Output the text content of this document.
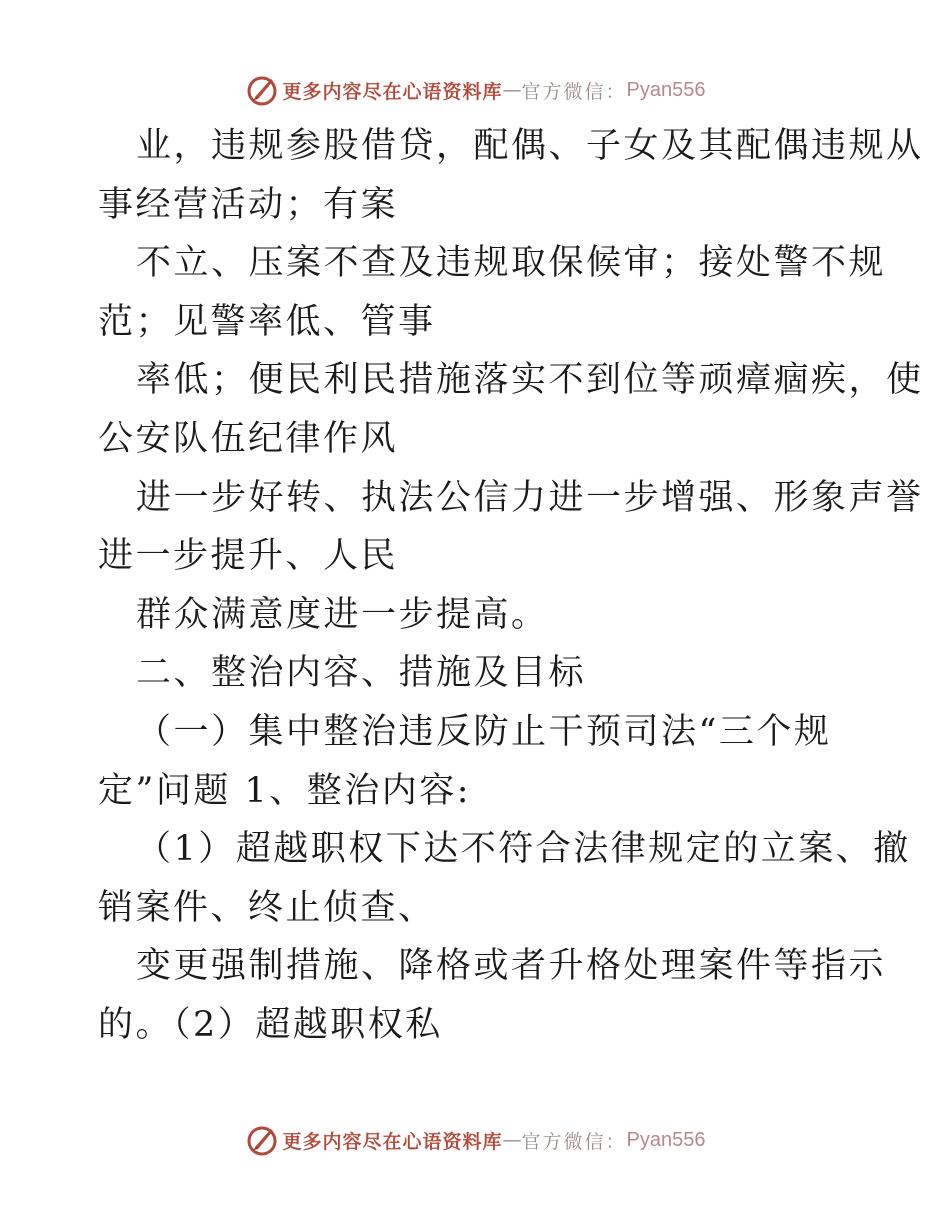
更多内容尽在心语资料库 — 官方微信： Pyan556
业，违规参股借贷，配偶、子女及其配偶违规从
事经营活动；有案
不立、压案不查及违规取保候审；接处警不规
范；见警率低、管事
率低；便民利民措施落实不到位等顽瘴痼疾，使
公安队伍纪律作风
进一步好转、执法公信力进一步增强、形象声誉
进一步提升、人民
群众满意度进一步提高。
二、整治内容、措施及目标
（一）集中整治违反防止干预司法“三个规
定”问题 1、整治内容:
（1）超越职权下达不符合法律规定的立案、撤
销案件、终止侦查、
变更强制措施、降格或者升格处理案件等指示
的。（2）超越职权私
更多内容尽在心语资料库 — 官方微信： Pyan556
